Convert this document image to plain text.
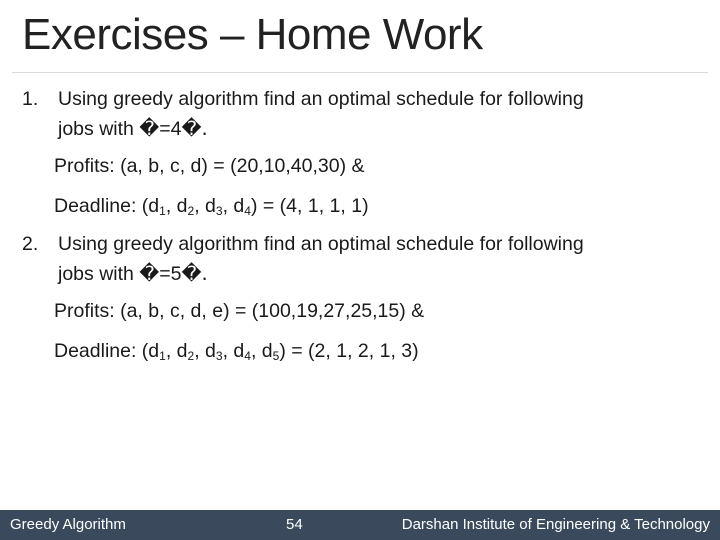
Exercises – Home Work
1.	Using greedy algorithm find an optimal schedule for following
jobs with �=4�.
Profits: (a, b, c, d) = (20,10,40,30) &
Deadline: ($d_1$, $d_2$, $d_3$, $d_4) = (4$, 1, 1, 1)
2.	Using greedy algorithm find an optimal schedule for following
jobs with �=5�.
Profits: (a, b, c, d, e) = (100,19,27,25,15) &
Deadline: ($d_1$, $d_2$, $d_3$, $d_4$, $d_5) = (2$, 1, 2, 1, 3)
Greedy Algorithm	54	Darshan Institute of Engineering & Technology
